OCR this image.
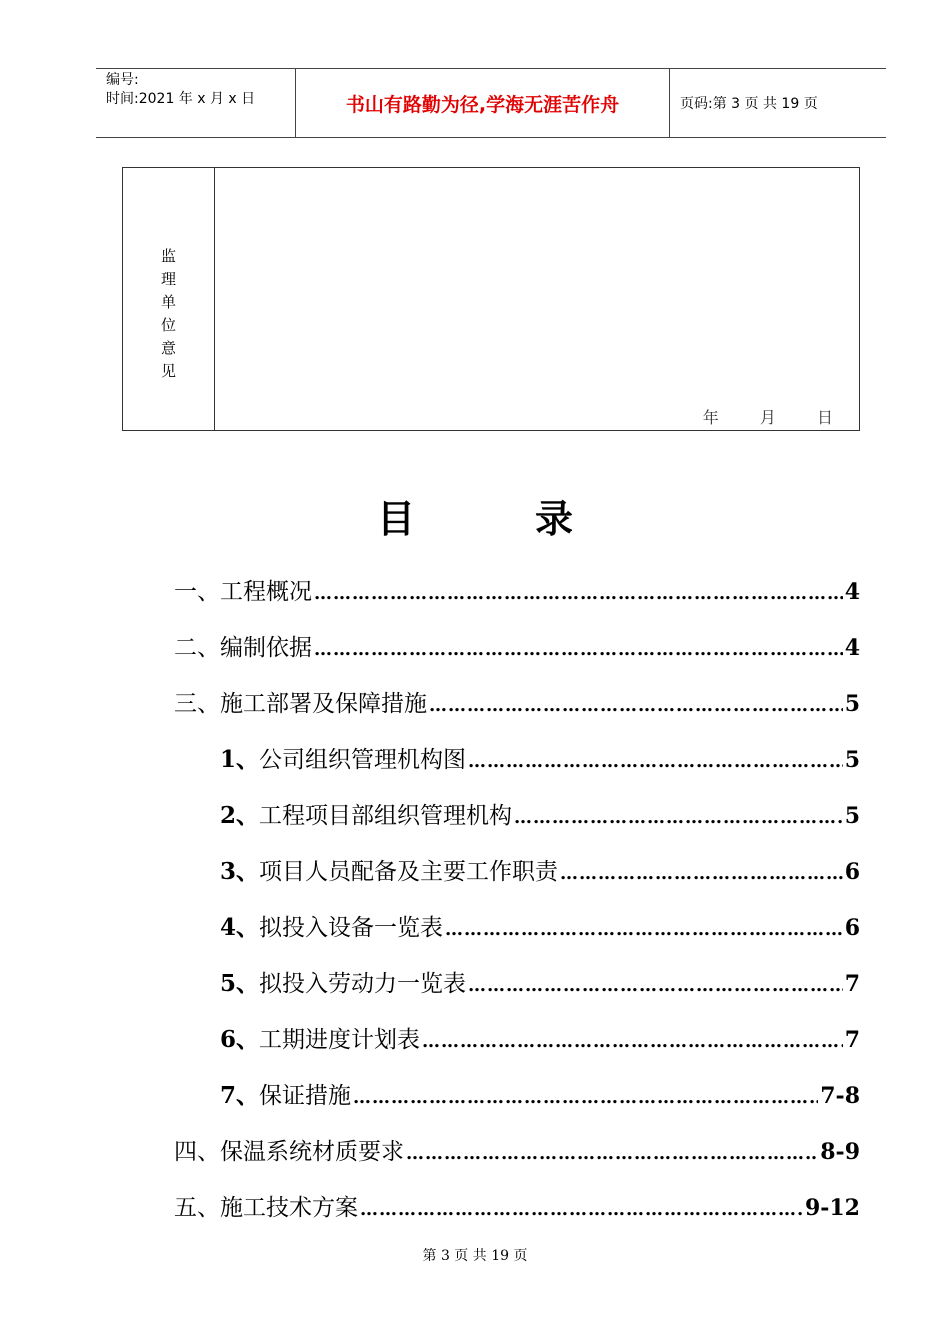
编号:
时间:2021 年 x 月 x 日	书山有路勤为径,学海无涯苦作舟	页码:第 3 页 共 19 页
监理单位意见
年	月	日
目录
一、工程概况 ……………………………………………………………………………………………………………	4
二、编制依据 ……………………………………………………………………………………………………………	4
三、施工部署及保障措施 ……………………………………………………………………………………………………………	5
1、 公司组织管理机构图 ……………………………………………………………………………………………………………	5
2、 工程项目部组织管理机构 ……………………………………………………………………………………………………………	5
3、 项目人员配备及主要工作职责 ……………………………………………………………………………………………………………	6
4、 拟投入设备一览表 ……………………………………………………………………………………………………………	6
5、 拟投入劳动力一览表 ……………………………………………………………………………………………………………	7
6、 工期进度计划表 ……………………………………………………………………………………………………………	7
7、 保证措施 ……………………………………………………………………………………………………………	7-8
四、保温系统材质要求 ……………………………………………………………………………………………………………	8-9
五、施工技术方案 ……………………………………………………………………………………………………………	9-12
第 3 页 共 19 页
